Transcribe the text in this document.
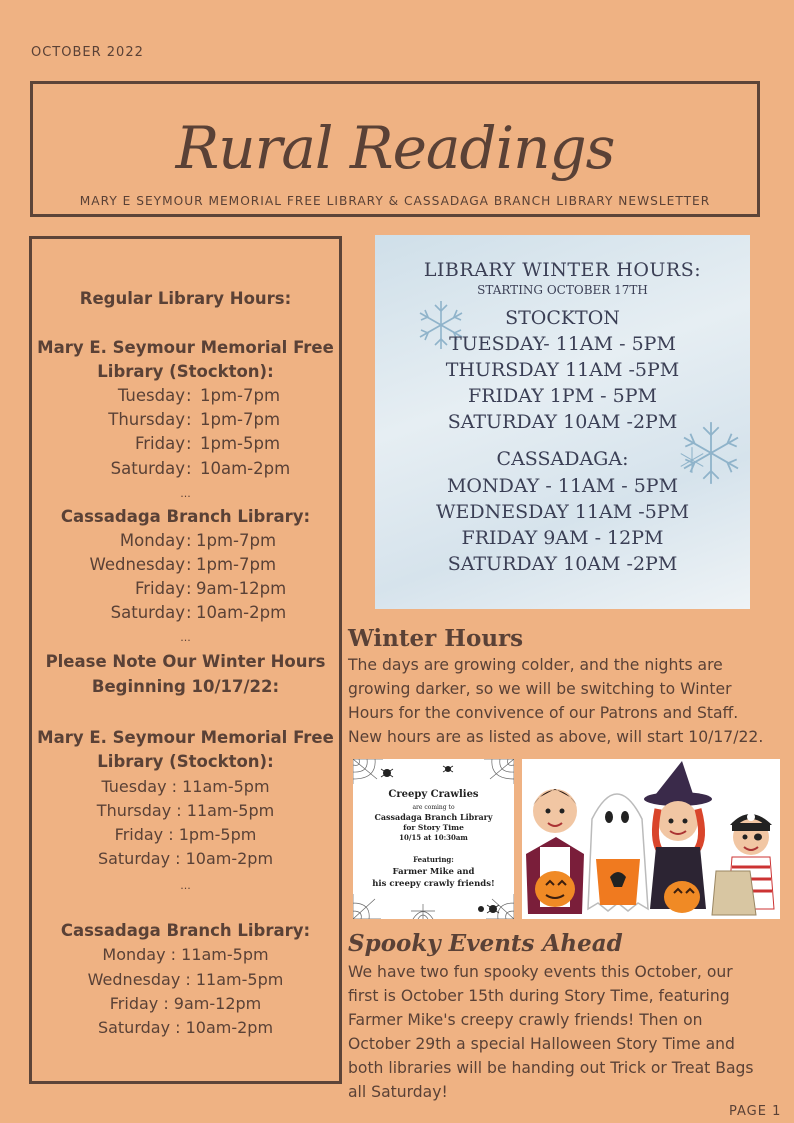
OCTOBER 2022
Rural Readings
MARY E SEYMOUR MEMORIAL FREE LIBRARY & CASSADAGA BRANCH LIBRARY NEWSLETTER
Regular Library Hours:
Mary E. Seymour Memorial Free
Library (Stockton):
Tuesday : 1pm-7pm
Thursday : 1pm-7pm
Friday : 1pm-5pm
Saturday : 10am-2pm
...
Cassadaga Branch Library:
Monday : 1pm-7pm
Wednesday : 1pm-7pm
Friday : 9am-12pm
Saturday : 10am-2pm
...
Please Note Our Winter Hours
Beginning 10/17/22:
Mary E. Seymour Memorial Free
Library (Stockton):
Tuesday : 11am-5pm
Thursday : 11am-5pm
Friday : 1pm-5pm
Saturday : 10am-2pm
...
Cassadaga Branch Library:
Monday : 11am-5pm
Wednesday : 11am-5pm
Friday : 9am-12pm
Saturday : 10am-2pm
LIBRARY WINTER HOURS:
STARTING OCTOBER 17TH
STOCKTON
TUESDAY- 11AM - 5PM
THURSDAY 11AM -5PM
FRIDAY 1PM - 5PM
SATURDAY 10AM -2PM
CASSADAGA:
MONDAY - 11AM - 5PM
WEDNESDAY 11AM -5PM
FRIDAY 9AM - 12PM
SATURDAY 10AM -2PM
Winter Hours
The days are growing colder, and the nights are
growing darker, so we will be switching to Winter
Hours for the convivence of our Patrons and Staff.
New hours are as listed as above, will start 10/17/22.
Creepy Crawlies
are coming to
Cassadaga Branch Library
for Story Time
10/15 at 10:30am
Featuring:
Farmer Mike and
his creepy crawly friends!
Spooky Events Ahead
We have two fun spooky events this October, our
first is October 15th during Story Time, featuring
Farmer Mike's creepy crawly friends! Then on
October 29th a special Halloween Story Time and
both libraries will be handing out Trick or Treat Bags
all Saturday!
PAGE 1
